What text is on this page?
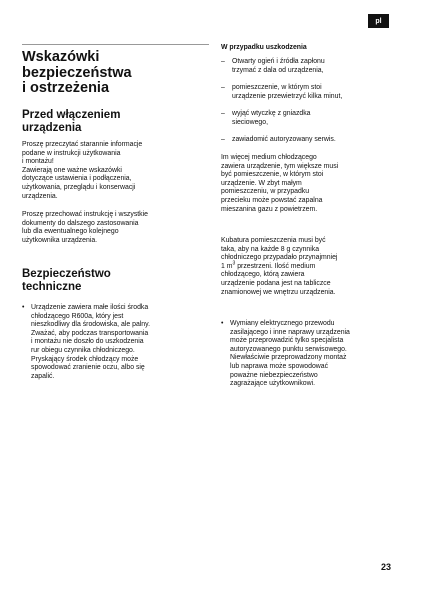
pl
Wskazówki
bezpieczeństwa
i ostrzeżenia
Przed włączeniem
urządzenia

Proszę przeczytać starannie informacje
podane w instrukcji użytkowania
i montażu!
Zawierają one ważne wskazówki
dotyczące ustawienia i podłączenia,
użytkowania, przeglądu i konserwacji
urządzenia.

Proszę przechować instrukcję i wszystkie
dokumenty do dalszego zastosowania
lub dla ewentualnego kolejnego
użytkownika urządzenia.

Bezpieczeństwo
techniczne
• Urządzenie zawiera małe ilości środka
chłodzącego R600a, który jest
nieszkodliwy dla środowiska, ale palny.
Zważać, aby podczas transportowania
i montażu nie doszło do uszkodzenia
rur obiegu czynnika chłodniczego.
Pryskający środek chłodzący może
spowodować zranienie oczu, albo się
zapalić.

W przypadku uszkodzenia

– Otwarty ogień i źródła zapłonu
trzymać z dala od urządzenia,
– pomieszczenie, w którym stoi
urządzenie przewietrzyć kilka minut,
– wyjąć wtyczkę z gniazdka
sieciowego,
– zawiadomić autoryzowany serwis.

Im więcej medium chłodzącego
zawiera urządzenie, tym większe musi
być pomieszczenie, w którym stoi
urządzenie. W zbyt małym
pomieszczeniu, w przypadku
przecieku może powstać zapalna
mieszanina gazu z powietrzem.

Kubatura pomieszczenia musi być
taka, aby na każde 8 g czynnika
chłodniczego przypadało przynajmniej
1 $m^3$ przestrzeni. Ilość medium
chłodzącego, którą zawiera
urządzenie podana jest na tabliczce
znamionowej we wnętrzu urządzenia.

• Wymiany elektrycznego przewodu
zasilającego i inne naprawy urządzenia
może przeprowadzić tylko specjalista
autoryzowanego punktu serwisowego.
Niewłaściwie przeprowadzony montaż
lub naprawa może spowodować
poważne niebezpieczeństwo
zagrażające użytkownikowi.
23
